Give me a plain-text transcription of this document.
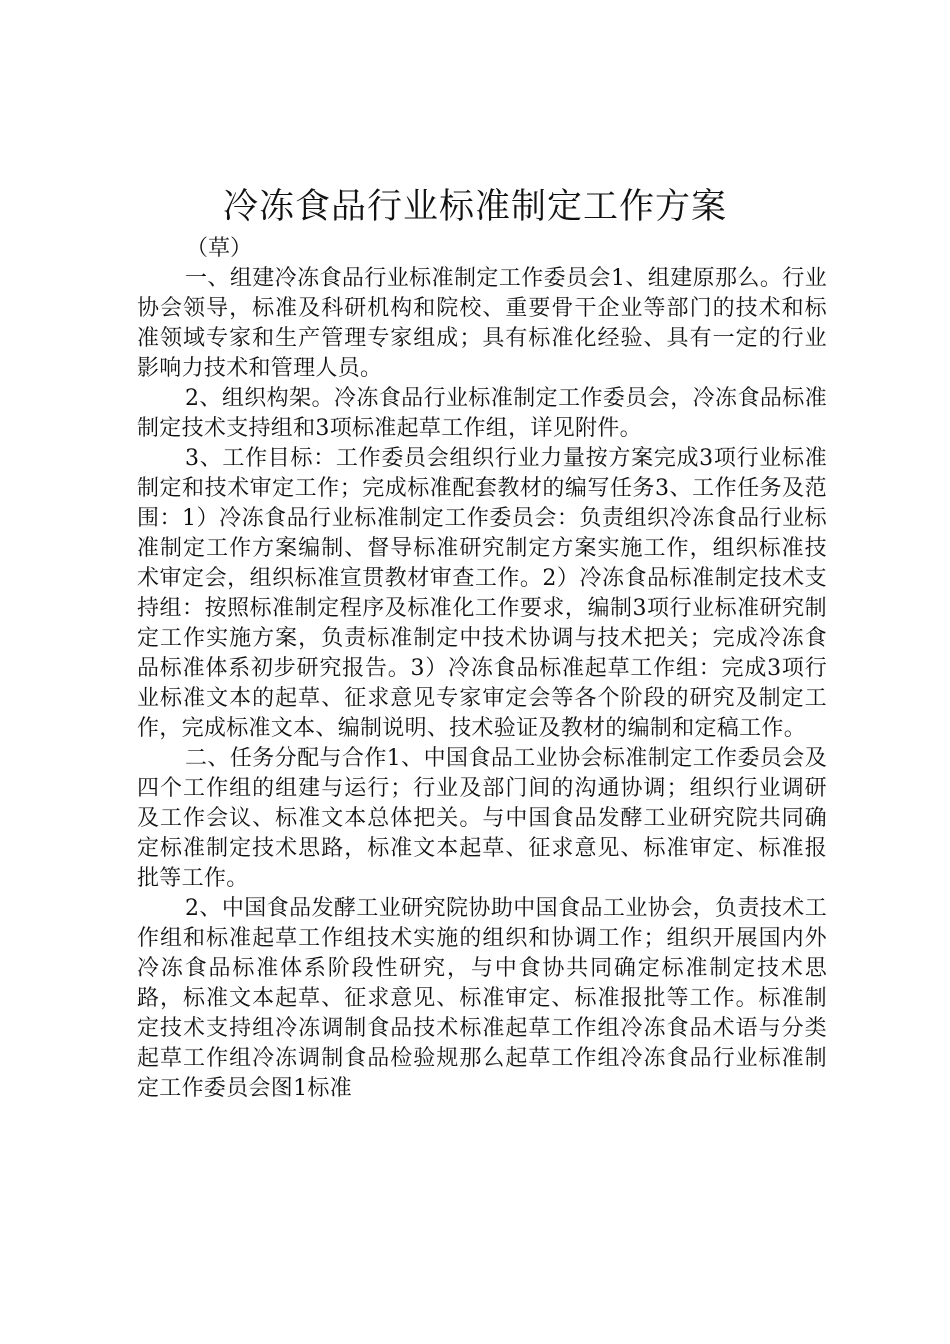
冷冻食品行业标准制定工作方案
（草）

一、组建冷冻食品行业标准制定工作委员会1、组建原那么。行业协会领导，标准及科研机构和院校、重要骨干企业等部门的技术和标准领域专家和生产管理专家组成；具有标准化经验、具有一定的行业影响力技术和管理人员。

2、组织构架。冷冻食品行业标准制定工作委员会，冷冻食品标准制定技术支持组和3项标准起草工作组，详见附件。

3、工作目标：工作委员会组织行业力量按方案完成3项行业标准制定和技术审定工作；完成标准配套教材的编写任务3、工作任务及范围：1）冷冻食品行业标准制定工作委员会：负责组织冷冻食品行业标准制定工作方案编制、督导标准研究制定方案实施工作，组织标准技术审定会，组织标准宣贯教材审查工作。2）冷冻食品标准制定技术支持组：按照标准制定程序及标准化工作要求，编制3项行业标准研究制定工作实施方案，负责标准制定中技术协调与技术把关；完成冷冻食品标准体系初步研究报告。3）冷冻食品标准起草工作组：完成3项行业标准文本的起草、征求意见专家审定会等各个阶段的研究及制定工作，完成标准文本、编制说明、技术验证及教材的编制和定稿工作。

二、任务分配与合作1、中国食品工业协会标准制定工作委员会及四个工作组的组建与运行；行业及部门间的沟通协调；组织行业调研及工作会议、标准文本总体把关。与中国食品发酵工业研究院共同确定标准制定技术思路，标准文本起草、征求意见、标准审定、标准报批等工作。

2、中国食品发酵工业研究院协助中国食品工业协会，负责技术工作组和标准起草工作组技术实施的组织和协调工作；组织开展国内外冷冻食品标准体系阶段性研究，与中食协共同确定标准制定技术思路，标准文本起草、征求意见、标准审定、标准报批等工作。标准制定技术支持组冷冻调制食品技术标准起草工作组冷冻食品术语与分类起草工作组冷冻调制食品检验规那么起草工作组冷冻食品行业标准制定工作委员会图1标准
